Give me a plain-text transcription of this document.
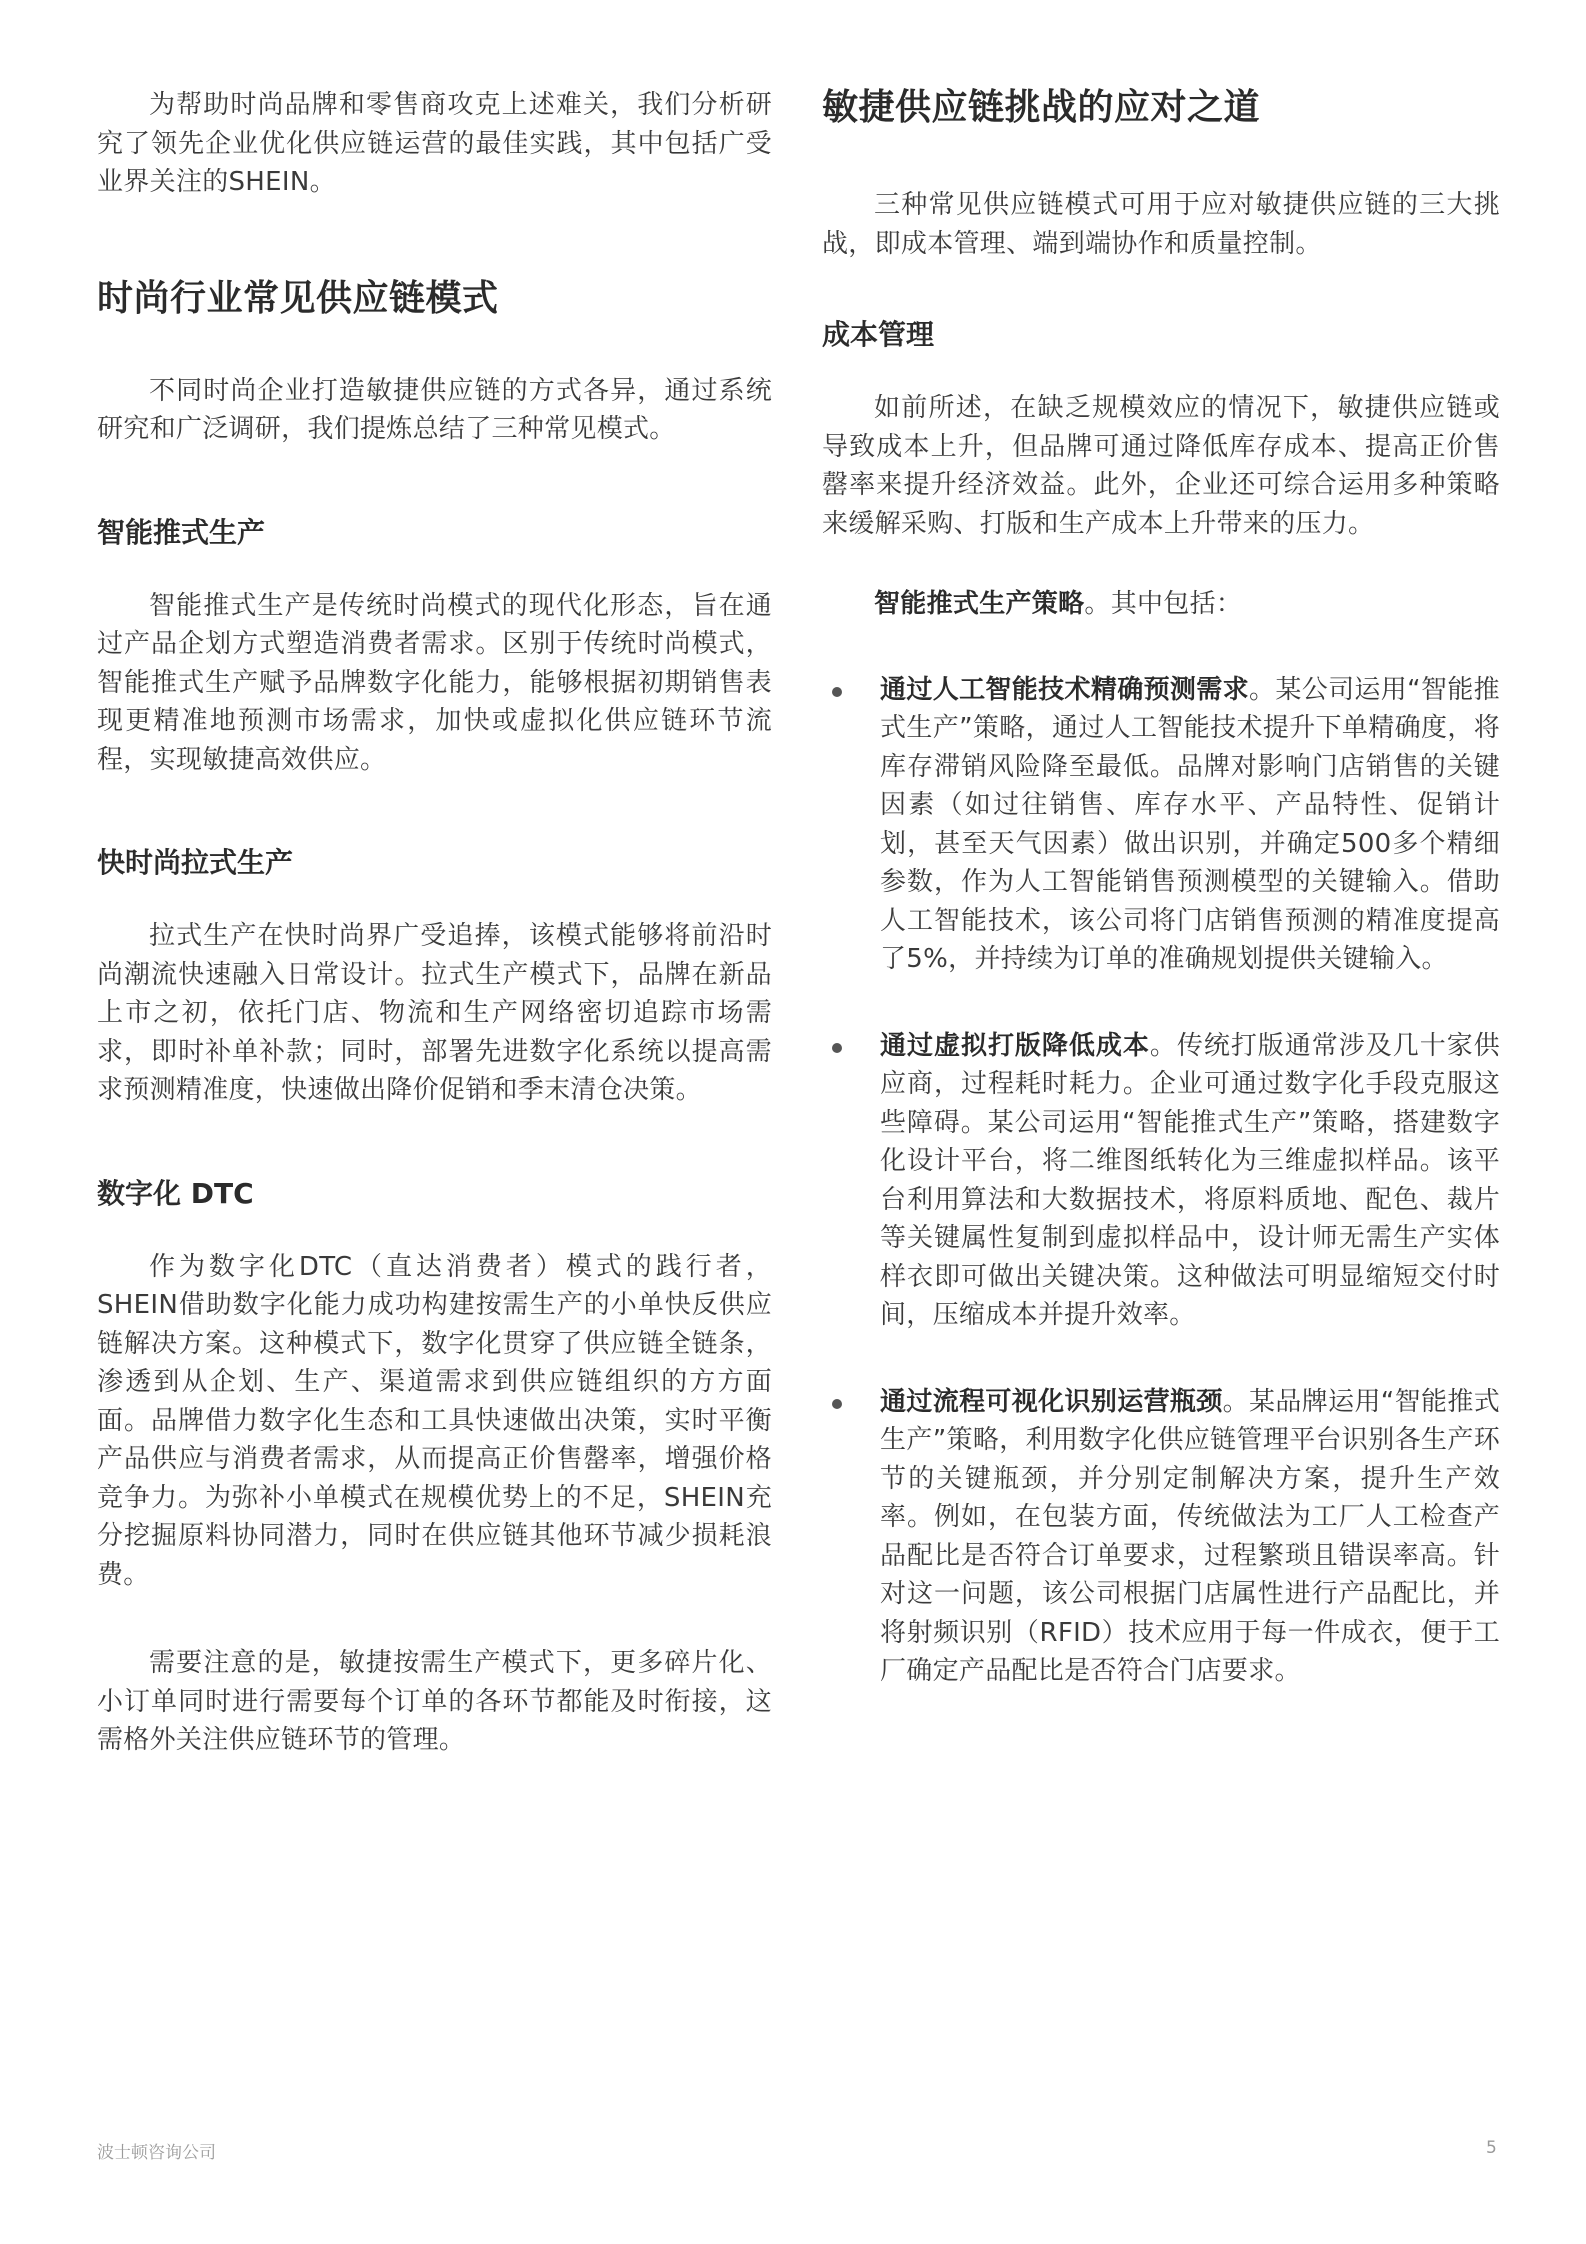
为帮助时尚品牌和零售商攻克上述难关，我们分析研究了领先企业优化供应链运营的最佳实践，其中包括广受业界关注的SHEIN。

时尚行业常见供应链模式

不同时尚企业打造敏捷供应链的方式各异，通过系统研究和广泛调研，我们提炼总结了三种常见模式。

智能推式生产

智能推式生产是传统时尚模式的现代化形态，旨在通过产品企划方式塑造消费者需求。区别于传统时尚模式，智能推式生产赋予品牌数字化能力，能够根据初期销售表现更精准地预测市场需求，加快或虚拟化供应链环节流程，实现敏捷高效供应。

快时尚拉式生产

拉式生产在快时尚界广受追捧，该模式能够将前沿时尚潮流快速融入日常设计。拉式生产模式下，品牌在新品上市之初，依托门店、物流和生产网络密切追踪市场需求，即时补单补款；同时，部署先进数字化系统以提高需求预测精准度，快速做出降价促销和季末清仓决策。

数字化 DTC

作为数字化DTC（直达消费者）模式的践行者，SHEIN借助数字化能力成功构建按需生产的小单快反供应链解决方案。这种模式下，数字化贯穿了供应链全链条，渗透到从企划、生产、渠道需求到供应链组织的方方面面。品牌借力数字化生态和工具快速做出决策，实时平衡产品供应与消费者需求，从而提高正价售罄率，增强价格竞争力。为弥补小单模式在规模优势上的不足，SHEIN充分挖掘原料协同潜力，同时在供应链其他环节减少损耗浪费。

需要注意的是，敏捷按需生产模式下，更多碎片化、小订单同时进行需要每个订单的各环节都能及时衔接，这需格外关注供应链环节的管理。

敏捷供应链挑战的应对之道

三种常见供应链模式可用于应对敏捷供应链的三大挑战，即成本管理、端到端协作和质量控制。

成本管理

如前所述，在缺乏规模效应的情况下，敏捷供应链或导致成本上升，但品牌可通过降低库存成本、提高正价售罄率来提升经济效益。此外，企业还可综合运用多种策略来缓解采购、打版和生产成本上升带来的压力。

智能推式生产策略。其中包括：

通过人工智能技术精确预测需求。某公司运用“智能推式生产”策略，通过人工智能技术提升下单精确度，将库存滞销风险降至最低。品牌对影响门店销售的关键因素（如过往销售、库存水平、产品特性、促销计划，甚至天气因素）做出识别，并确定500多个精细参数，作为人工智能销售预测模型的关键输入。借助人工智能技术，该公司将门店销售预测的精准度提高了5%，并持续为订单的准确规划提供关键输入。

通过虚拟打版降低成本。传统打版通常涉及几十家供应商，过程耗时耗力。企业可通过数字化手段克服这些障碍。某公司运用“智能推式生产”策略，搭建数字化设计平台，将二维图纸转化为三维虚拟样品。该平台利用算法和大数据技术，将原料质地、配色、裁片等关键属性复制到虚拟样品中，设计师无需生产实体样衣即可做出关键决策。这种做法可明显缩短交付时间，压缩成本并提升效率。

通过流程可视化识别运营瓶颈。某品牌运用“智能推式生产”策略，利用数字化供应链管理平台识别各生产环节的关键瓶颈，并分别定制解决方案，提升生产效率。例如，在包装方面，传统做法为工厂人工检查产品配比是否符合订单要求，过程繁琐且错误率高。针对这一问题，该公司根据门店属性进行产品配比，并将射频识别（RFID）技术应用于每一件成衣，便于工厂确定产品配比是否符合门店要求。

波士顿咨询公司	5
